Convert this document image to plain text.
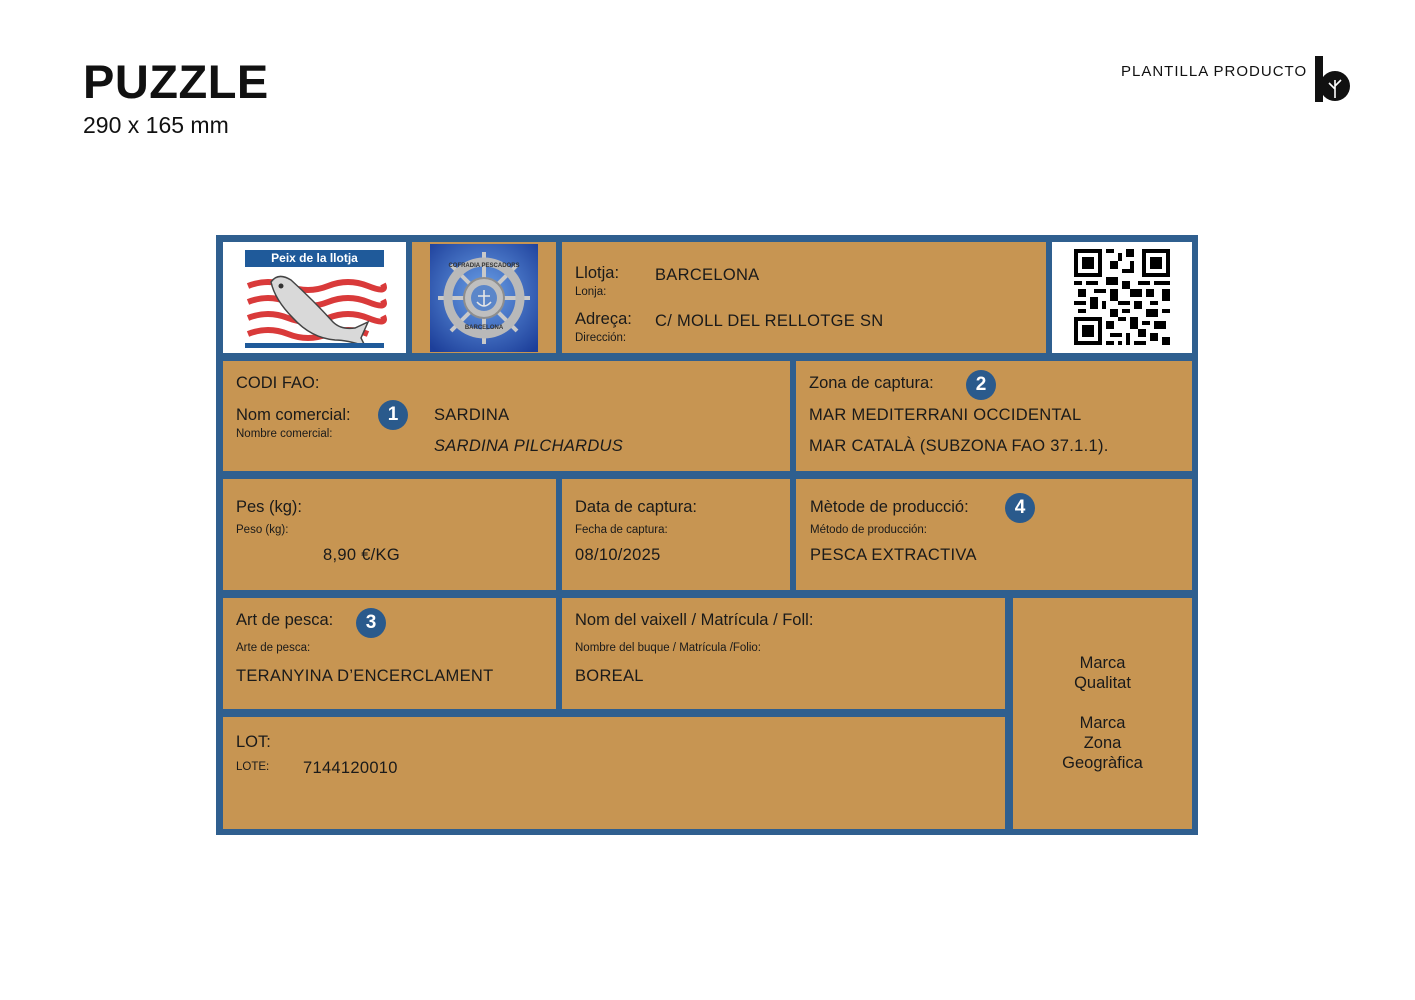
PUZZLE
290 x 165 mm
PLANTILLA PRODUCTO
Peix de la llotja
COFRADIA PESCADORS
BARCELONA
Llotja:
Lonja:
BARCELONA
Adreça:
Dirección:
C/ MOLL DEL RELLOTGE SN
CODI FAO:
Nom comercial:	1
Nombre comercial:
SARDINA
SARDINA PILCHARDUS
Zona de captura:	2
MAR MEDITERRANI OCCIDENTAL
MAR CATALÀ (SUBZONA FAO 37.1.1).
Pes (kg):
Peso (kg):
8,90 €/KG
Data de captura:
Fecha de captura:
08/10/2025
Mètode de producció:	4
Método de producción:
PESCA EXTRACTIVA
Art de pesca:	3
Arte de pesca:
TERANYINA D’ENCERCLAMENT
Nom del vaixell / Matrícula / Foll:
Nombre del buque / Matrícula /Folio:
BOREAL
Marca
Qualitat
Marca
Zona
Geogràfica
LOT:
LOTE: 7144120010
